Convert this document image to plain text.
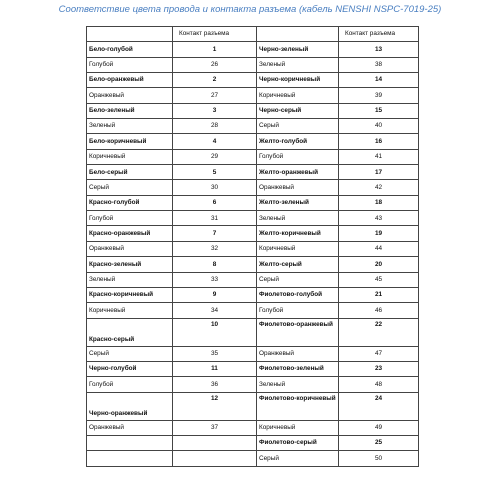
Соответствие цвета провода и контакта разъема (кабель NENSHI NSPC-7019-25)
	Контакт разъема		Контакт разъема
Бело-голубой	1	Черно-зеленый	13
Голубой	26	Зеленый	38
Бело-оранжевый	2	Черно-коричневый	14
Оранжевый	27	Коричневый	39
Бело-зеленый	3	Черно-серый	15
Зеленый	28	Серый	40
Бело-коричневый	4	Желто-голубой	16
Коричневый	29	Голубой	41
Бело-серый	5	Желто-оранжевый	17
Серый	30	Оранжевый	42
Красно-голубой	6	Желто-зеленый	18
Голубой	31	Зеленый	43
Красно-оранжевый	7	Желто-коричневый	19
Оранжевый	32	Коричневый	44
Красно-зеленый	8	Желто-серый	20
Зеленый	33	Серый	45
Красно-коричневый	9	Фиолетово-голубой	21
Коричневый	34	Голубой	46
Красно-серый	10	Фиолетово-оранжевый	22
Серый	35	Оранжевый	47
Черно-голубой	11	Фиолетово-зеленый	23
Голубой	36	Зеленый	48
Черно-оранжевый	12	Фиолетово-коричневый	24
Оранжевый	37	Коричневый	49
		Фиолетово-серый	25
		Серый	50
